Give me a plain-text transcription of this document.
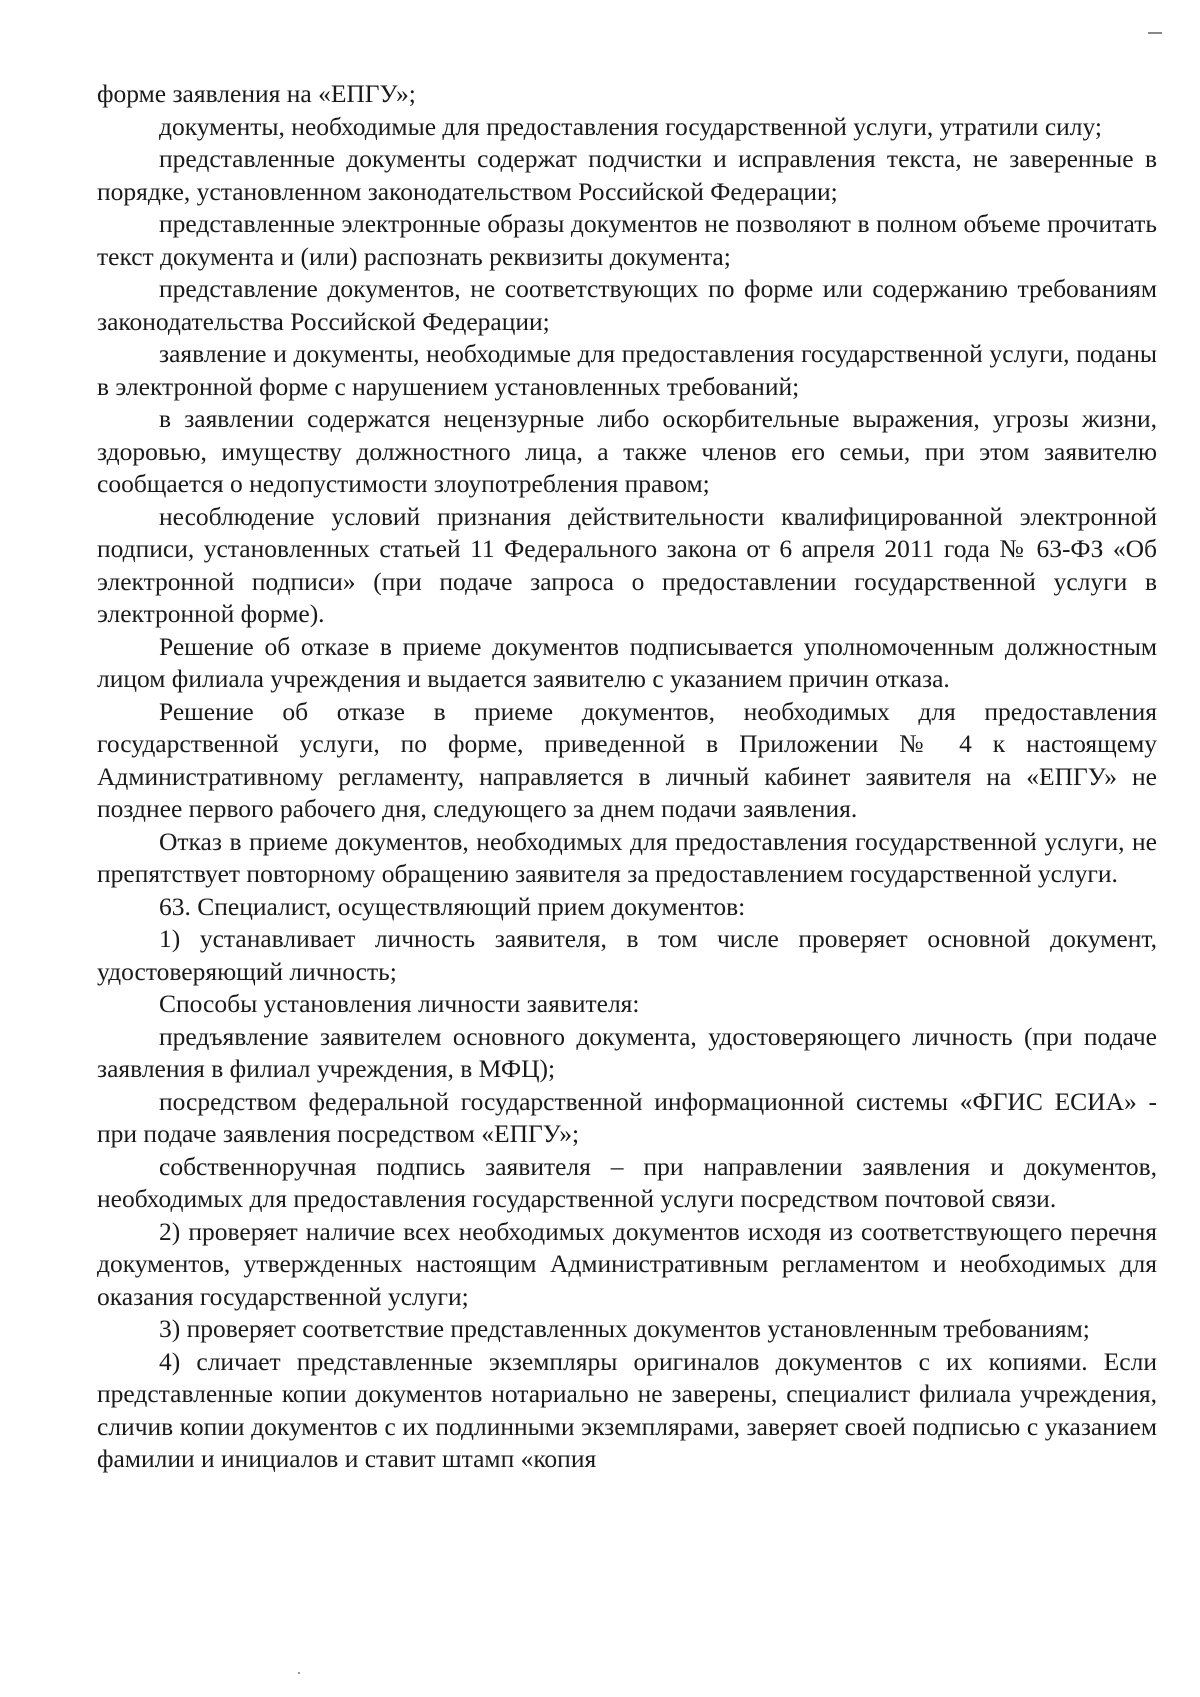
форме заявления на «ЕПГУ»;

документы, необходимые для предоставления государственной услуги, утратили силу;

представленные документы содержат подчистки и исправления текста, не заверенные в порядке, установленном законодательством Российской Федерации;

представленные электронные образы документов не позволяют в полном объеме прочитать текст документа и (или) распознать реквизиты документа;

представление документов, не соответствующих по форме или содержанию требованиям законодательства Российской Федерации;

заявление и документы, необходимые для предоставления государственной услуги, поданы в электронной форме с нарушением установленных требований;

в заявлении содержатся нецензурные либо оскорбительные выражения, угрозы жизни, здоровью, имуществу должностного лица, а также членов его семьи, при этом заявителю сообщается о недопустимости злоупотребления правом;

несоблюдение условий признания действительности квалифицированной электронной подписи, установленных статьей 11 Федерального закона от 6 апреля 2011 года № 63-ФЗ «Об электронной подписи» (при подаче запроса о предоставлении государственной услуги в электронной форме).

Решение об отказе в приеме документов подписывается уполномоченным должностным лицом филиала учреждения и выдается заявителю с указанием причин отказа.

Решение об отказе в приеме документов, необходимых для предоставления государственной услуги, по форме, приведенной в Приложении № 4 к настоящему Административному регламенту, направляется в личный кабинет заявителя на «ЕПГУ» не позднее первого рабочего дня, следующего за днем подачи заявления.

Отказ в приеме документов, необходимых для предоставления государственной услуги, не препятствует повторному обращению заявителя за предоставлением государственной услуги.

63. Специалист, осуществляющий прием документов:

1) устанавливает личность заявителя, в том числе проверяет основной документ, удостоверяющий личность;

Способы установления личности заявителя:

предъявление заявителем основного документа, удостоверяющего личность (при подаче заявления в филиал учреждения, в МФЦ);

посредством федеральной государственной информационной системы «ФГИС ЕСИА» - при подаче заявления посредством «ЕПГУ»;

собственноручная подпись заявителя – при направлении заявления и документов, необходимых для предоставления государственной услуги посредством почтовой связи.

2) проверяет наличие всех необходимых документов исходя из соответствующего перечня документов, утвержденных настоящим Административным регламентом и необходимых для оказания государственной услуги;

3) проверяет соответствие представленных документов установленным требованиям;

4) сличает представленные экземпляры оригиналов документов с их копиями. Если представленные копии документов нотариально не заверены, специалист филиала учреждения, сличив копии документов с их подлинными экземплярами, заверяет своей подписью с указанием фамилии и инициалов и ставит штамп «копия
